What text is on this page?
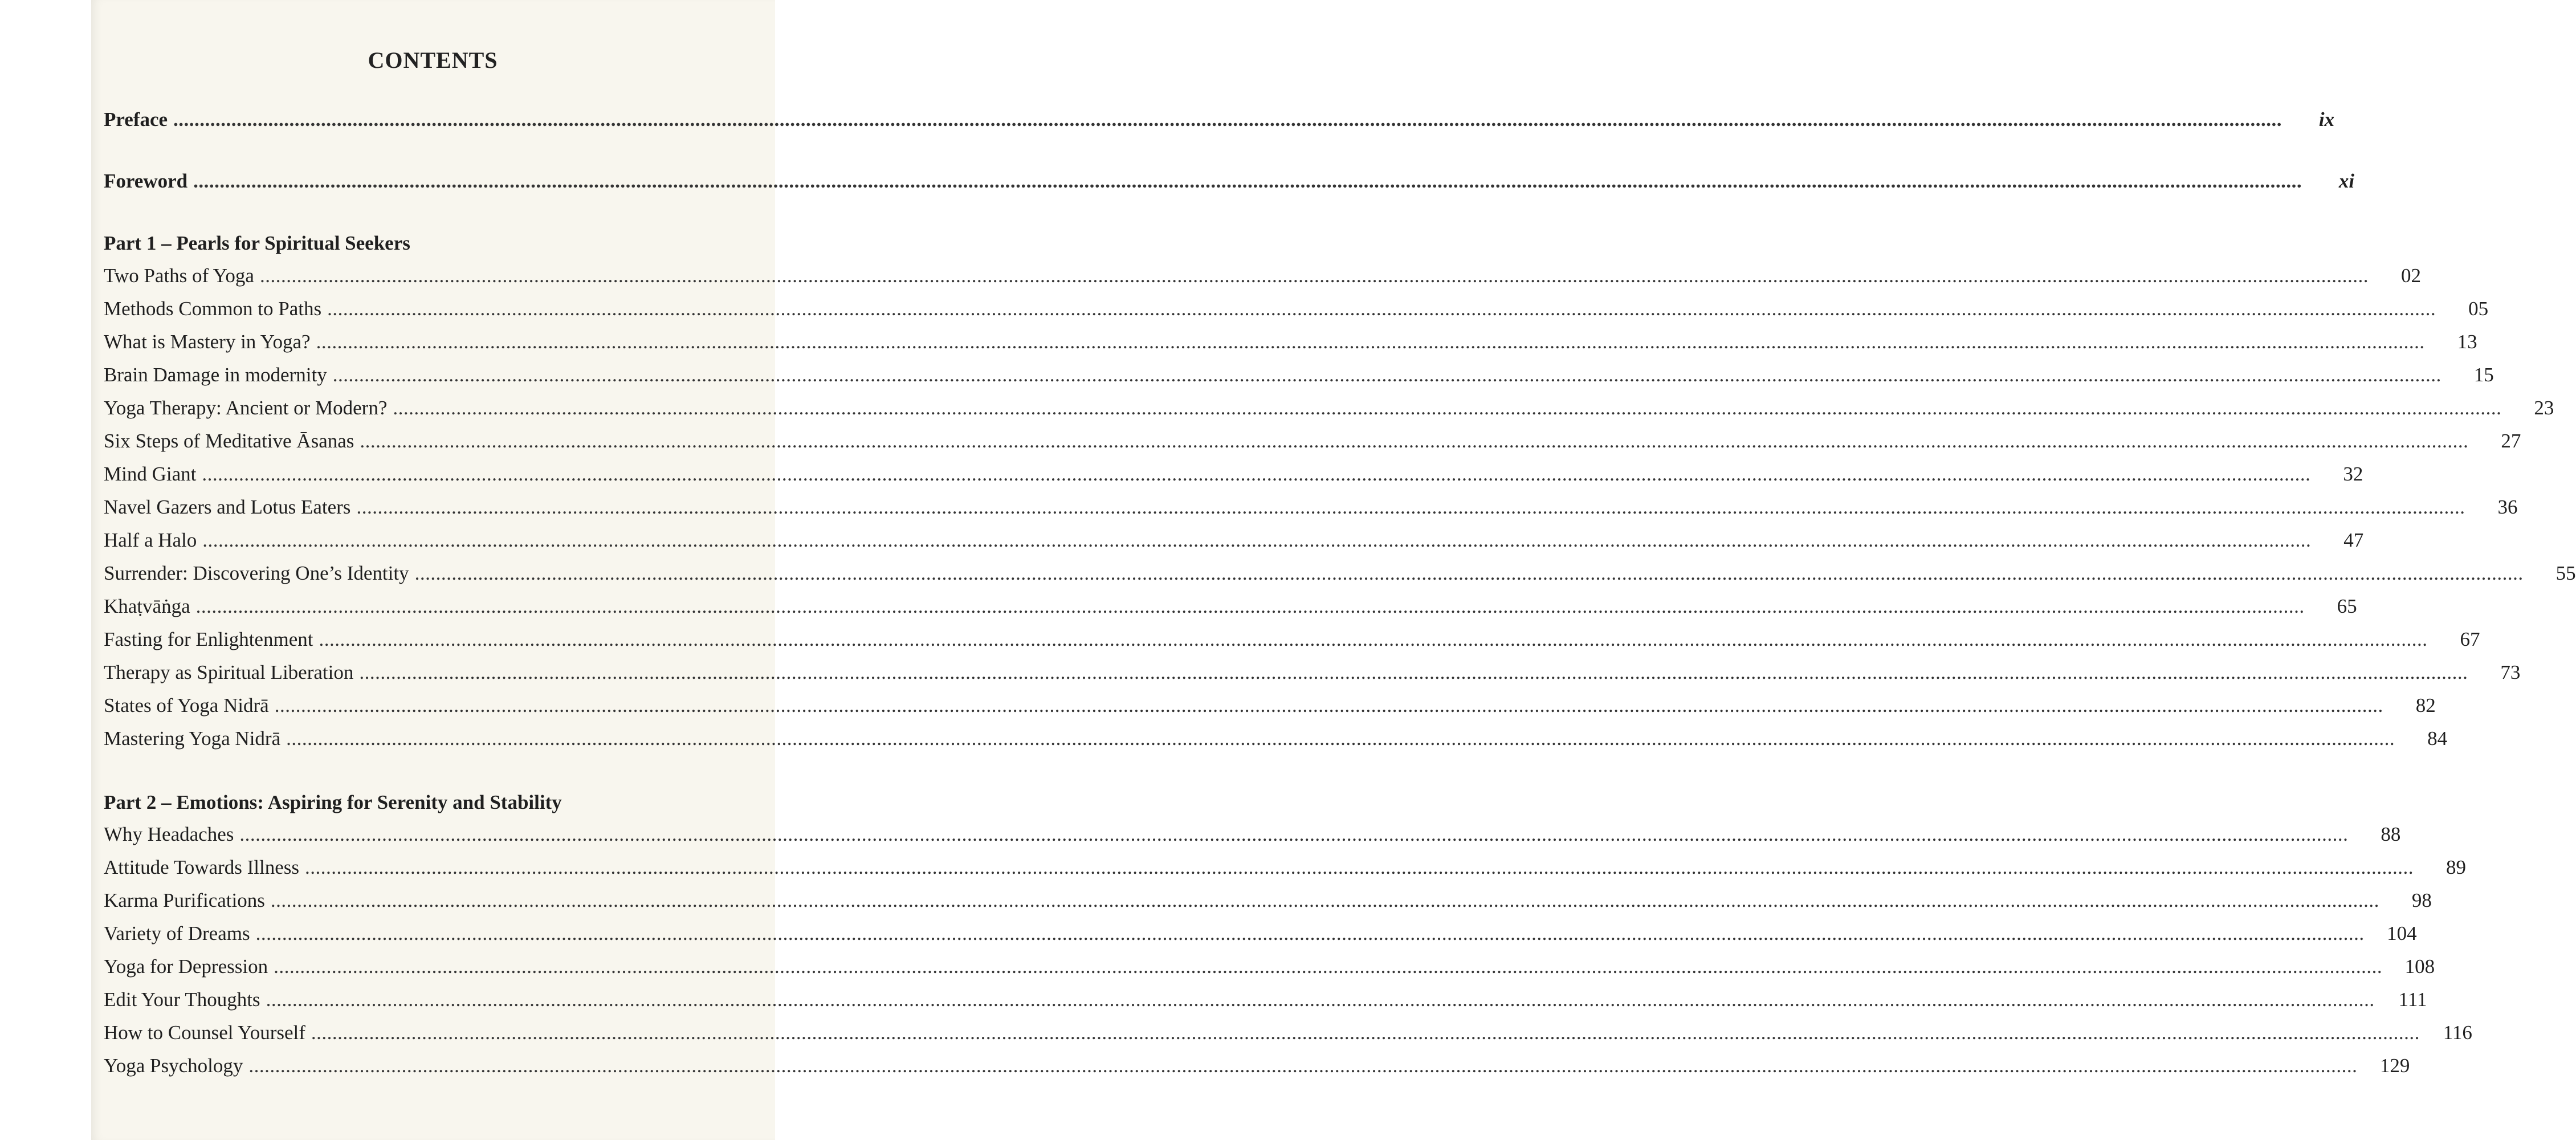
CONTENTS
Preface ................................................................................................................................................................................................................................................................................................................................................................................................................	ix
Foreword ................................................................................................................................................................................................................................................................................................................................................................................................................	xi
Part 1 – Pearls for Spiritual Seekers
Two Paths of Yoga ................................................................................................................................................................................................................................................................................................................................................................................................................	02
Methods Common to Paths ................................................................................................................................................................................................................................................................................................................................................................................................................	05
What is Mastery in Yoga? ................................................................................................................................................................................................................................................................................................................................................................................................................	13
Brain Damage in modernity ................................................................................................................................................................................................................................................................................................................................................................................................................	15
Yoga Therapy: Ancient or Modern? ................................................................................................................................................................................................................................................................................................................................................................................................................	23
Six Steps of Meditative Āsanas ................................................................................................................................................................................................................................................................................................................................................................................................................	27
Mind Giant ................................................................................................................................................................................................................................................................................................................................................................................................................	32
Navel Gazers and Lotus Eaters ................................................................................................................................................................................................................................................................................................................................................................................................................	36
Half a Halo ................................................................................................................................................................................................................................................................................................................................................................................................................	47
Surrender: Discovering One’s Identity ................................................................................................................................................................................................................................................................................................................................................................................................................	55
Khaṭvāṅga ................................................................................................................................................................................................................................................................................................................................................................................................................	65
Fasting for Enlightenment ................................................................................................................................................................................................................................................................................................................................................................................................................	67
Therapy as Spiritual Liberation ................................................................................................................................................................................................................................................................................................................................................................................................................	73
States of Yoga Nidrā ................................................................................................................................................................................................................................................................................................................................................................................................................	82
Mastering Yoga Nidrā ................................................................................................................................................................................................................................................................................................................................................................................................................	84
Part 2 – Emotions: Aspiring for Serenity and Stability
Why Headaches ................................................................................................................................................................................................................................................................................................................................................................................................................	88
Attitude Towards Illness ................................................................................................................................................................................................................................................................................................................................................................................................................	89
Karma Purifications ................................................................................................................................................................................................................................................................................................................................................................................................................	98
Variety of Dreams ................................................................................................................................................................................................................................................................................................................................................................................................................	104
Yoga for Depression ................................................................................................................................................................................................................................................................................................................................................................................................................	108
Edit Your Thoughts ................................................................................................................................................................................................................................................................................................................................................................................................................	111
How to Counsel Yourself ................................................................................................................................................................................................................................................................................................................................................................................................................	116
Yoga Psychology ................................................................................................................................................................................................................................................................................................................................................................................................................	129
